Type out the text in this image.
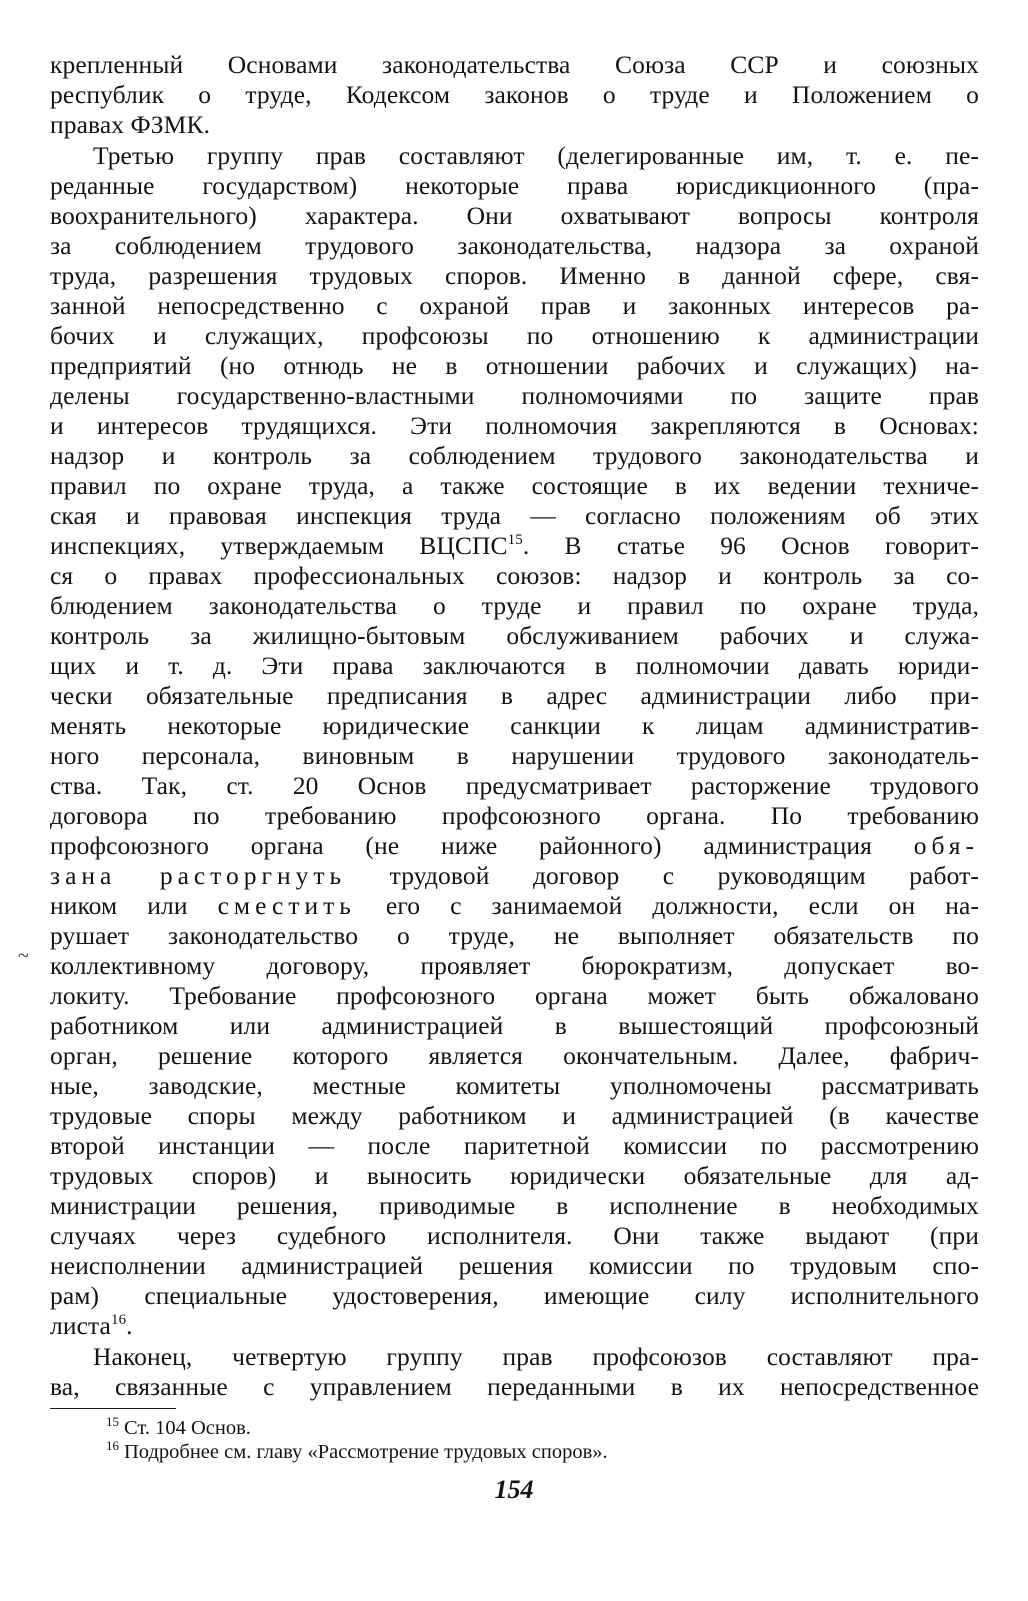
крепленный Основами законодательства Союза ССР и союзных
республик о труде, Кодексом законов о труде и Положением о
правах ФЗМК.
Третью группу прав составляют (делегированные им, т. е. пе-
реданные государством) некоторые права юрисдикционного (пра-
воохранительного) характера. Они охватывают вопросы контроля
за соблюдением трудового законодательства, надзора за охраной
труда, разрешения трудовых споров. Именно в данной сфере, свя-
занной непосредственно с охраной прав и законных интересов ра-
бочих и служащих, профсоюзы по отношению к администрации
предприятий (но отнюдь не в отношении рабочих и служащих) на-
делены государственно-властными полномочиями по защите прав
и интересов трудящихся. Эти полномочия закрепляются в Основах:
надзор и контроль за соблюдением трудового законодательства и
правил по охране труда, а также состоящие в их ведении техниче-
ская и правовая инспекция труда — согласно положениям об этих
инспекциях, утверждаемым ВЦСПС$^{15}$. В статье 96 Основ говорит-
ся о правах профессиональных союзов: надзор и контроль за со-
блюдением законодательства о труде и правил по охране труда,
контроль за жилищно-бытовым обслуживанием рабочих и служа-
щих и т. д. Эти права заключаются в полномочии давать юриди-
чески обязательные предписания в адрес администрации либо при-
менять некоторые юридические санкции к лицам административ-
ного персонала, виновным в нарушении трудового законодатель-
ства. Так, ст. 20 Основ предусматривает расторжение трудового
договора по требованию профсоюзного органа. По требованию
профсоюзного органа (не ниже районного) администрация обя-
зана расторгнуть трудовой договор с руководящим работ-
ником или сместить его с занимаемой должности, если он на-
рушает законодательство о труде, не выполняет обязательств по
коллективному договору, проявляет бюрократизм, допускает во-
локиту. Требование профсоюзного органа может быть обжаловано
работником или администрацией в вышестоящий профсоюзный
орган, решение которого является окончательным. Далее, фабрич-
ные, заводские, местные комитеты уполномочены рассматривать
трудовые споры между работником и администрацией (в качестве
второй инстанции — после паритетной комиссии по рассмотрению
трудовых споров) и выносить юридически обязательные для ад-
министрации решения, приводимые в исполнение в необходимых
случаях через судебного исполнителя. Они также выдают (при
неисполнении администрацией решения комиссии по трудовым спо-
рам) специальные удостоверения, имеющие силу исполнительного
листа$^{16}$.
Наконец, четвертую группу прав профсоюзов составляют пра-
ва, связанные с управлением переданными в их непосредственное
$^{15}$ Ст. 104 Основ.
$^{16}$ Подробнее см. главу «Рассмотрение трудовых споров».
154
~
